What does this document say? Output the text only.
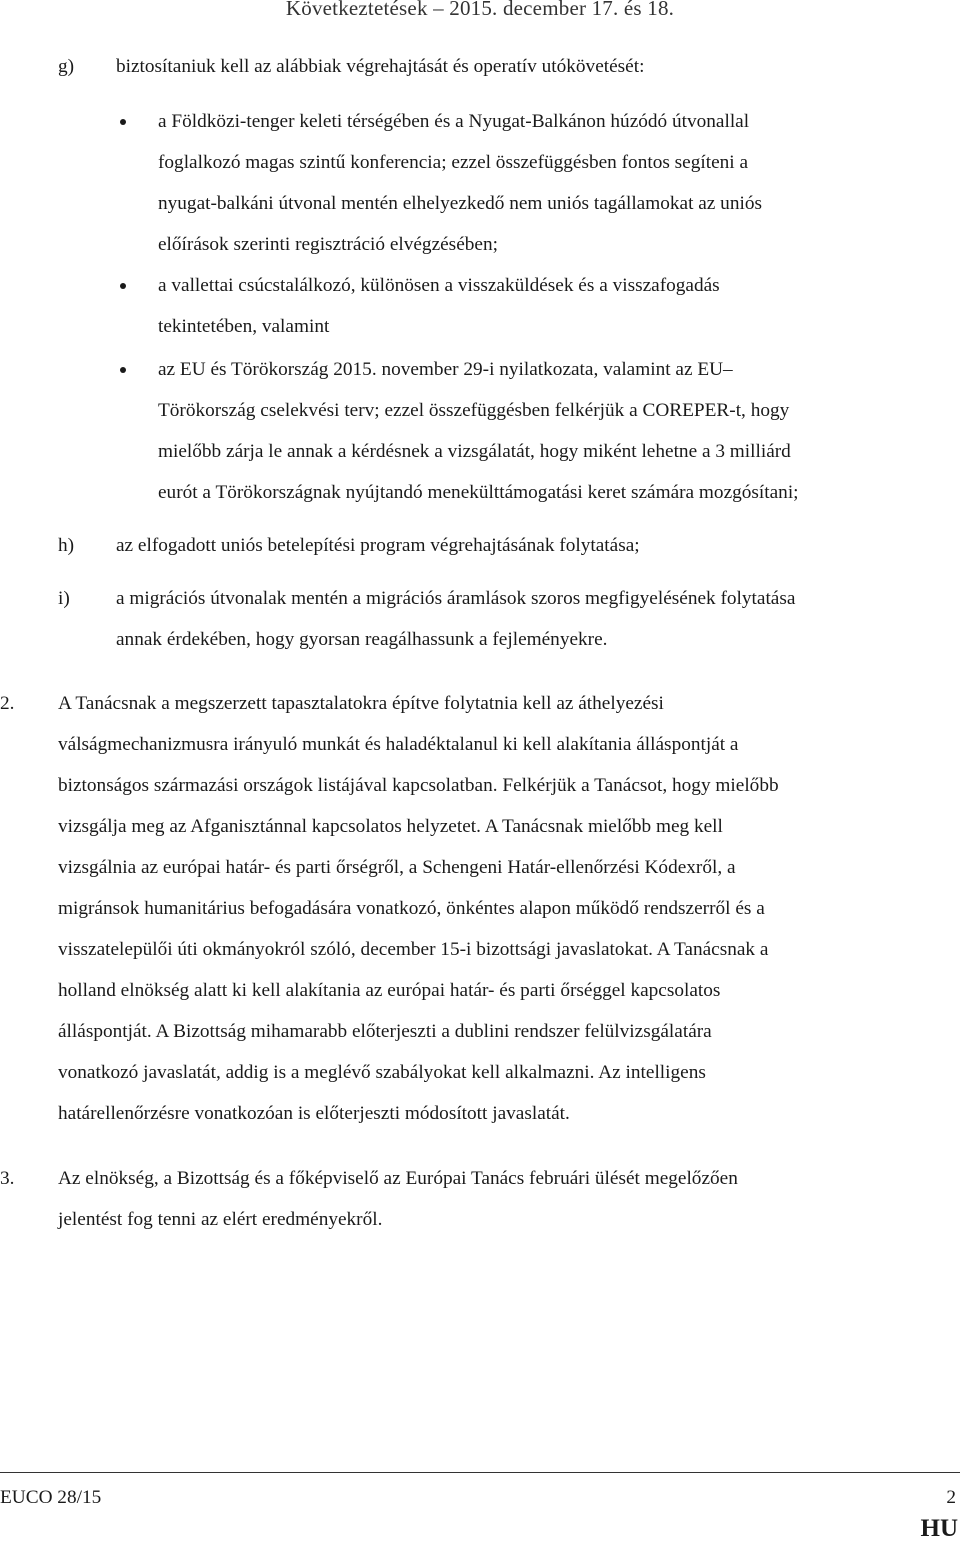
Következtetések – 2015. december 17. és 18.
g) biztosítaniuk kell az alábbiak végrehajtását és operatív utókövetését:
a Földközi-tenger keleti térségében és a Nyugat-Balkánon húzódó útvonallal
foglalkozó magas szintű konferencia; ezzel összefüggésben fontos segíteni a
nyugat-balkáni útvonal mentén elhelyezkedő nem uniós tagállamokat az uniós
előírások szerinti regisztráció elvégzésében;
a vallettai csúcstalálkozó, különösen a visszaküldések és a visszafogadás
tekintetében, valamint
az EU és Törökország 2015. november 29-i nyilatkozata, valamint az EU–
Törökország cselekvési terv; ezzel összefüggésben felkérjük a COREPER-t, hogy
mielőbb zárja le annak a kérdésnek a vizsgálatát, hogy miként lehetne a 3 milliárd
eurót a Törökországnak nyújtandó menekülttámogatási keret számára mozgósítani;
h) az elfogadott uniós betelepítési program végrehajtásának folytatása;
i) a migrációs útvonalak mentén a migrációs áramlások szoros megfigyelésének folytatása
annak érdekében, hogy gyorsan reagálhassunk a fejleményekre.
2. A Tanácsnak a megszerzett tapasztalatokra építve folytatnia kell az áthelyezési
válságmechanizmusra irányuló munkát és haladéktalanul ki kell alakítania álláspontját a
biztonságos származási országok listájával kapcsolatban. Felkérjük a Tanácsot, hogy mielőbb
vizsgálja meg az Afganisztánnal kapcsolatos helyzetet. A Tanácsnak mielőbb meg kell
vizsgálnia az európai határ- és parti őrségről, a Schengeni Határ-ellenőrzési Kódexről, a
migránsok humanitárius befogadására vonatkozó, önkéntes alapon működő rendszerről és a
visszatelepülői úti okmányokról szóló, december 15-i bizottsági javaslatokat. A Tanácsnak a
holland elnökség alatt ki kell alakítania az európai határ- és parti őrséggel kapcsolatos
álláspontját. A Bizottság mihamarabb előterjeszti a dublini rendszer felülvizsgálatára
vonatkozó javaslatát, addig is a meglévő szabályokat kell alkalmazni. Az intelligens
határellenőrzésre vonatkozóan is előterjeszti módosított javaslatát.
3. Az elnökség, a Bizottság és a főképviselő az Európai Tanács februári ülését megelőzően
jelentést fog tenni az elért eredményekről.
EUCO 28/15	2
HU
